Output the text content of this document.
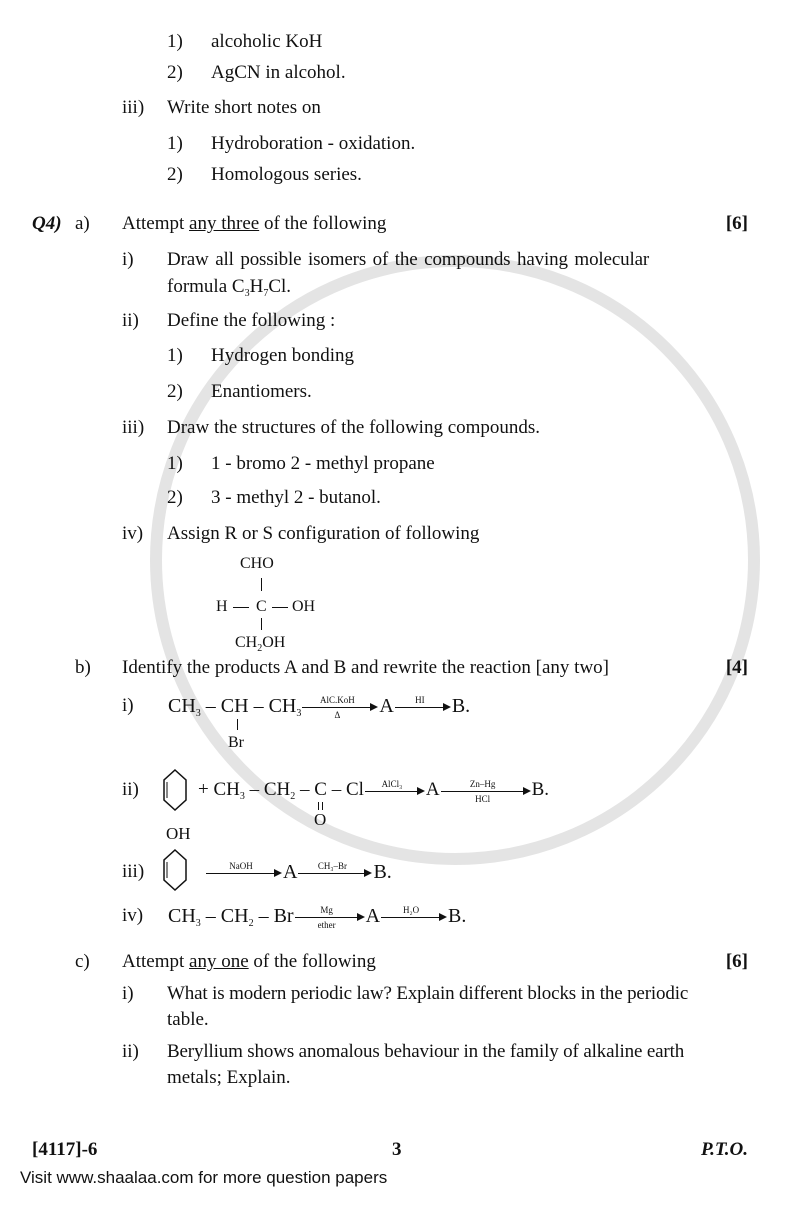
1) alcoholic KoH
2) AgCN in alcohol.
iii) Write short notes on
1) Hydroboration - oxidation.
2) Homologous series.
Q4) a) Attempt any three of the following	[6]
i) Draw all possible isomers of the compounds having molecular
formula $C_3H_7Cl$.
ii) Define the following :
1) Hydrogen bonding
2) Enantiomers.
iii) Draw the structures of the following compounds.
1) 1 - bromo 2 - methyl propane
2) 3 - methyl 2 - butanol.
iv) Assign R or S configuration of following
CHO
H C OH
$CH_2OH$
b) Identify the products A and B and rewrite the reaction [any two]	[4]
i) $CH_3$ – CH – $CH_3$
AlC.KoH
Δ	A	HI	B.
Br
ii)	+ $CH_3 - CH_2$ – C – Cl	AlCl₃	A	Zn–Hg
HCl	B.
O
OH
iii)	NaOH	A	CH₃–Br	B.
iv) $CH_3 - CH_2$ – Br	Mg
ether	A	H₂O	B.
c) Attempt any one of the following	[6]
i) What is modern periodic law? Explain different blocks in the periodic
table.
ii) Beryllium shows anomalous behaviour in the family of alkaline earth
metals; Explain.
[4117]-6	3	P.T.O.
Visit www.shaalaa.com for more question papers
